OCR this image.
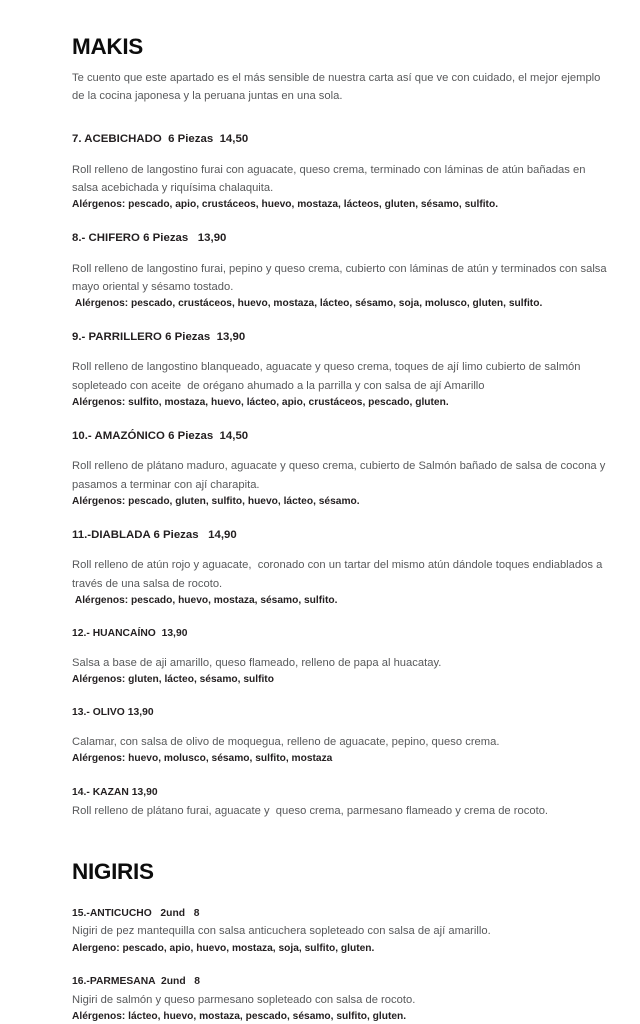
MAKIS

Te cuento que este apartado es el más sensible de nuestra carta así que ve con cuidado, el mejor ejemplo de la cocina japonesa y la peruana juntas en una sola.

7. ACEBICHADO  6 Piezas  14,50

Roll relleno de langostino furai con aguacate, queso crema, terminado con láminas de atún bañadas en salsa acebichada y riquísima chalaquita.

Alérgenos: pescado, apio, crustáceos, huevo, mostaza, lácteos, gluten, sésamo, sulfito.

8.- CHIFERO 6 Piezas   13,90

Roll relleno de langostino furai, pepino y queso crema, cubierto con láminas de atún y terminados con salsa mayo oriental y sésamo tostado.

Alérgenos: pescado, crustáceos, huevo, mostaza, lácteo, sésamo, soja, molusco, gluten, sulfito.

9.- PARRILLERO 6 Piezas  13,90

Roll relleno de langostino blanqueado, aguacate y queso crema, toques de ají limo cubierto de salmón sopleteado con aceite  de orégano ahumado a la parrilla y con salsa de ají Amarillo

Alérgenos: sulfito, mostaza, huevo, lácteo, apio, crustáceos, pescado, gluten.

10.- AMAZÓNICO 6 Piezas  14,50

Roll relleno de plátano maduro, aguacate y queso crema, cubierto de Salmón bañado de salsa de cocona y pasamos a terminar con ají charapita.

Alérgenos: pescado, gluten, sulfito, huevo, lácteo, sésamo.

11.-DIABLADA 6 Piezas   14,90

Roll relleno de atún rojo y aguacate,  coronado con un tartar del mismo atún dándole toques endiablados a través de una salsa de rocoto.

Alérgenos: pescado, huevo, mostaza, sésamo, sulfito.

12.- HUANCAÍNO  13,90

Salsa a base de aji amarillo, queso flameado, relleno de papa al huacatay.

Alérgenos: gluten, lácteo, sésamo, sulfito

13.- OLIVO 13,90

Calamar, con salsa de olivo de moquegua, relleno de aguacate, pepino, queso crema.

Alérgenos: huevo, molusco, sésamo, sulfito, mostaza

14.- KAZAN 13,90

Roll relleno de plátano furai, aguacate y  queso crema, parmesano flameado y crema de rocoto.

NIGIRIS

15.-ANTICUCHO   2und   8

Nigiri de pez mantequilla con salsa anticuchera sopleteado con salsa de ají amarillo.

Alergeno: pescado, apio, huevo, mostaza, soja, sulfito, gluten.

16.-PARMESANA  2und   8

Nigiri de salmón y queso parmesano sopleteado con salsa de rocoto.

Alérgenos: lácteo, huevo, mostaza, pescado, sésamo, sulfito, gluten.
